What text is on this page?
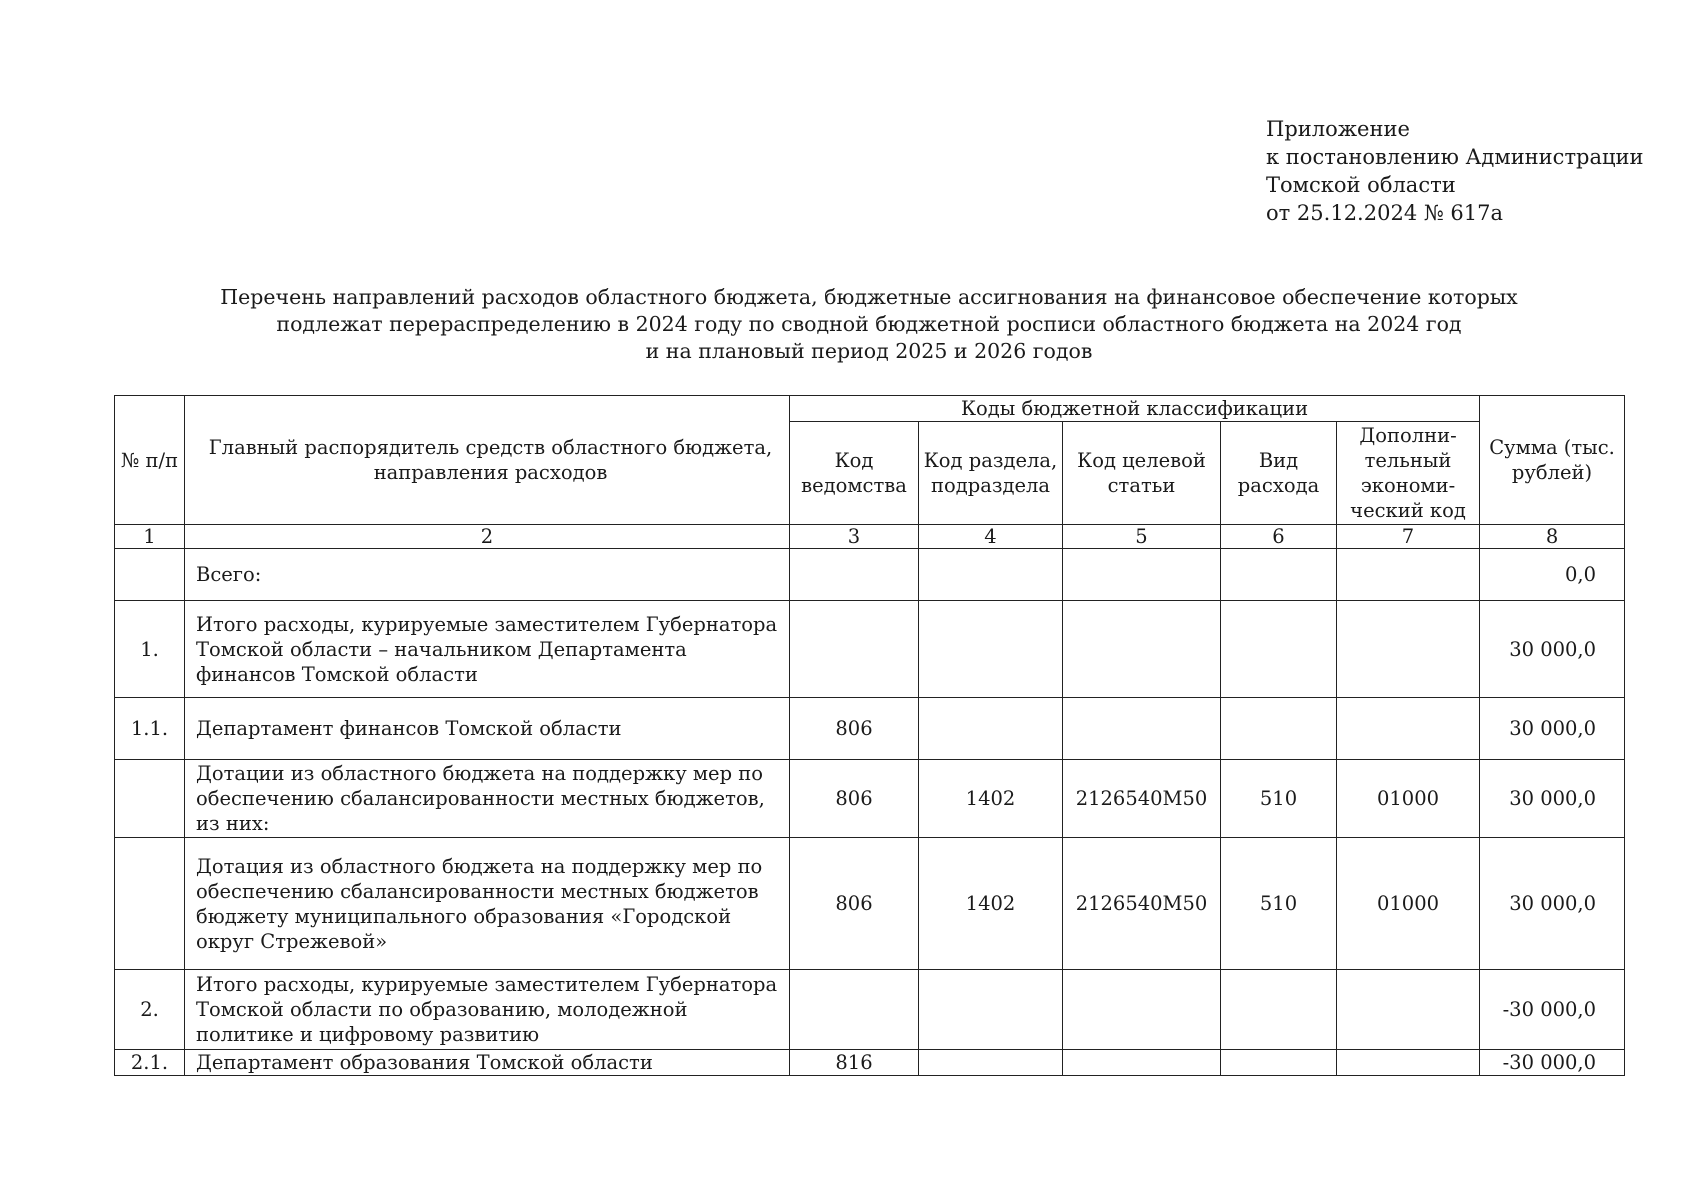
Приложение
к постановлению Администрации
Томской области
от 25.12.2024 № 617а
Перечень направлений расходов областного бюджета, бюджетные ассигнования на финансовое обеспечение которых
подлежат перераспределению в 2024 году по сводной бюджетной росписи областного бюджета на 2024 год
и на плановый период 2025 и 2026 годов
№ п/п	Главный распорядитель средств областного бюджета, направления расходов	Коды бюджетной классификации					Сумма (тыс. рублей)
		Код ведомства	Код раздела, подраздела	Код целевой статьи	Вид расхода	Дополни-тельный экономи-ческий код	
1	2	3	4	5	6	7	8
	Всего:						0,0
1.	Итого расходы, курируемые заместителем Губернатора Томской области – начальником Департамента финансов Томской области						30 000,0
1.1.	Департамент финансов Томской области	806					30 000,0
	Дотации из областного бюджета на поддержку мер по обеспечению сбалансированности местных бюджетов, из них:	806	1402	2126540М50	510	01000	30 000,0
	Дотация из областного бюджета на поддержку мер по обеспечению сбалансированности местных бюджетов бюджету муниципального образования «Городской округ Стрежевой»	806	1402	2126540М50	510	01000	30 000,0
2.	Итого расходы, курируемые заместителем Губернатора Томской области по образованию, молодежной политике и цифровому развитию						-30 000,0
2.1.	Департамент образования Томской области	816					-30 000,0
